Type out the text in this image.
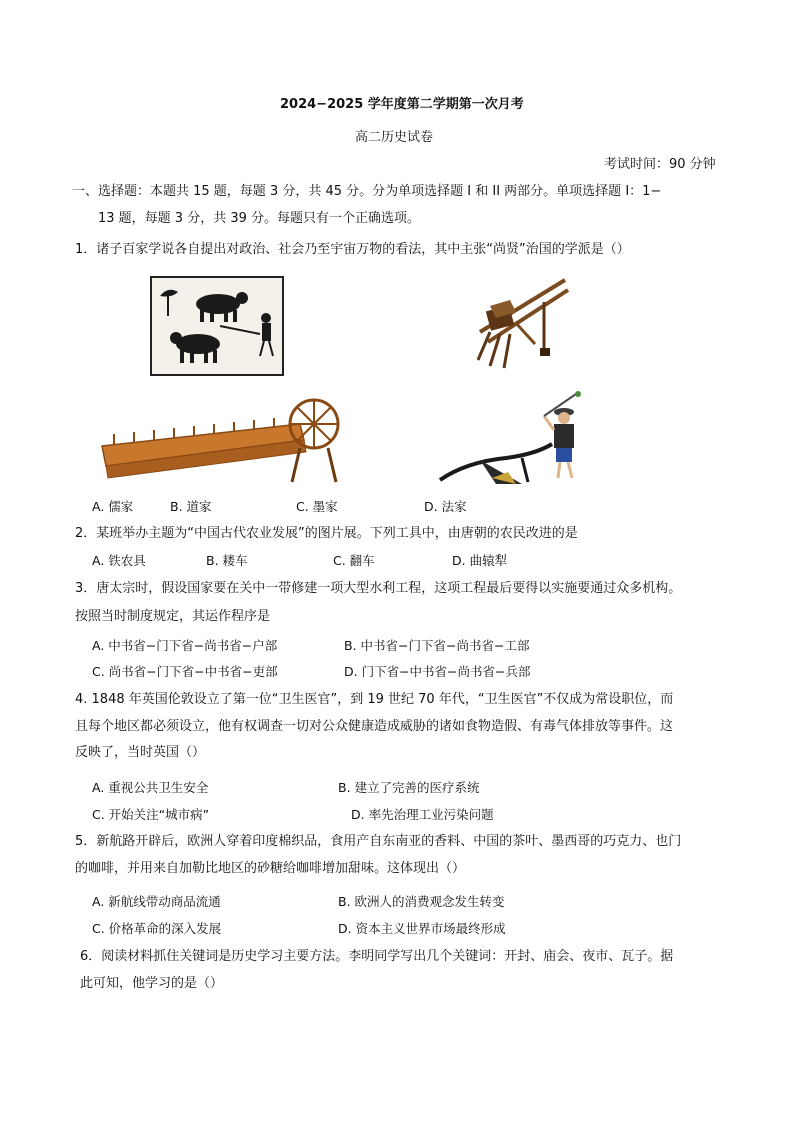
2024−2025 学年度第二学期第一次月考
高二历史试卷
考试时间：90 分钟
一、选择题：本题共 15 题，每题 3 分，共 45 分。分为单项选择题 I 和 II 两部分。单项选择题 I：1−
13 题，每题 3 分，共 39 分。每题只有一个正确选项。
1．诸子百家学说各自提出对政治、社会乃至宇宙万物的看法，其中主张“尚贤”治国的学派是（）
A. 儒家	B. 道家	C. 墨家	D. 法家
2．某班举办主题为“中国古代农业发展”的图片展。下列工具中，由唐朝的农民改进的是
A. 铁农具	B. 耧车	C. 翻车	D. 曲辕犁
3．唐太宗时，假设国家要在关中一带修建一项大型水利工程，这项工程最后要得以实施要通过众多机构。
按照当时制度规定，其运作程序是
A. 中书省−门下省−尚书省−户部	B. 中书省−门下省−尚书省−工部
C. 尚书省−门下省−中书省−吏部	D. 门下省−中书省−尚书省−兵部
4. 1848 年英国伦敦设立了第一位“卫生医官”，到 19 世纪 70 年代，“卫生医官”不仅成为常设职位，而
且每个地区都必须设立，他有权调查一切对公众健康造成威胁的诸如食物造假、有毒气体排放等事件。这
反映了，当时英国（）
A. 重视公共卫生安全	B. 建立了完善的医疗系统
C. 开始关注“城市病”	D. 率先治理工业污染问题
5．新航路开辟后，欧洲人穿着印度棉织品，食用产自东南亚的香料、中国的茶叶、墨西哥的巧克力、也门
的咖啡，并用来自加勒比地区的砂糖给咖啡增加甜味。这体现出（）
A. 新航线带动商品流通	B. 欧洲人的消费观念发生转变
C. 价格革命的深入发展	D. 资本主义世界市场最终形成
6．阅读材料抓住关键词是历史学习主要方法。李明同学写出几个关键词：开封、庙会、夜市、瓦子。据
此可知，他学习的是（）
